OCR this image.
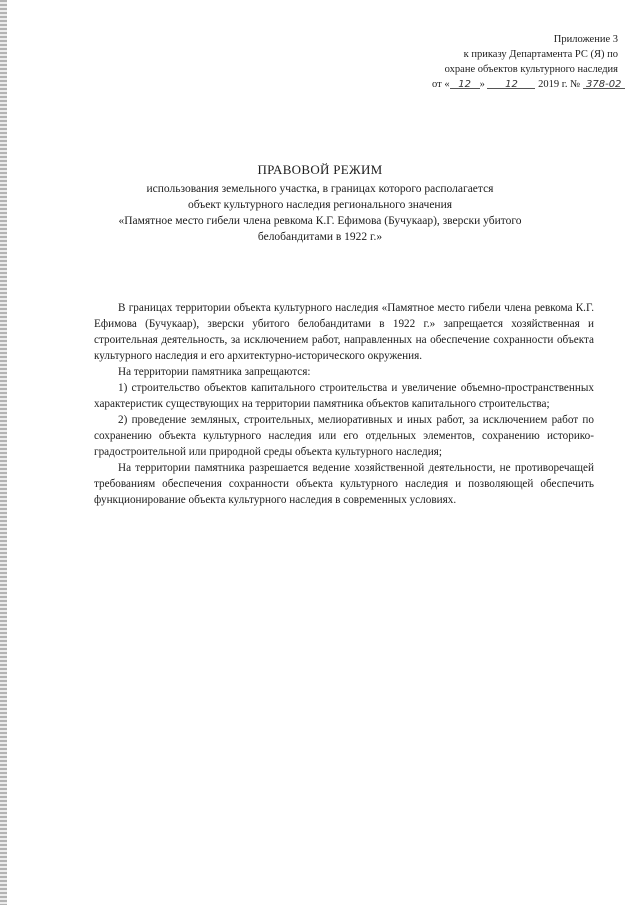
Приложение 3
к приказу Департамента РС (Я) по
охране объектов культурного наследия
от « 12 » 12 2019 г. № 378-02
ПРАВОВОЙ РЕЖИМ
использования земельного участка, в границах которого располагается
объект культурного наследия регионального значения
«Памятное место гибели члена ревкома К.Г. Ефимова (Бучукаар), зверски убитого
белобандитами в 1922 г.»

В границах территории объекта культурного наследия «Памятное место гибели члена ревкома К.Г. Ефимова (Бучукаар), зверски убитого белобандитами в 1922 г.» запрещается хозяйственная и строительная деятельность, за исключением работ, направленных на обеспечение сохранности объекта культурного наследия и его архитектурно-исторического окружения.

На территории памятника запрещаются:

1) строительство объектов капитального строительства и увеличение объемно-пространственных характеристик существующих на территории памятника объектов капитального строительства;

2) проведение земляных, строительных, мелиоративных и иных работ, за исключением работ по сохранению объекта культурного наследия или его отдельных элементов, сохранению историко-градостроительной или природной среды объекта культурного наследия;

На территории памятника разрешается ведение хозяйственной деятельности, не противоречащей требованиям обеспечения сохранности объекта культурного наследия и позволяющей обеспечить функционирование объекта культурного наследия в современных условиях.
